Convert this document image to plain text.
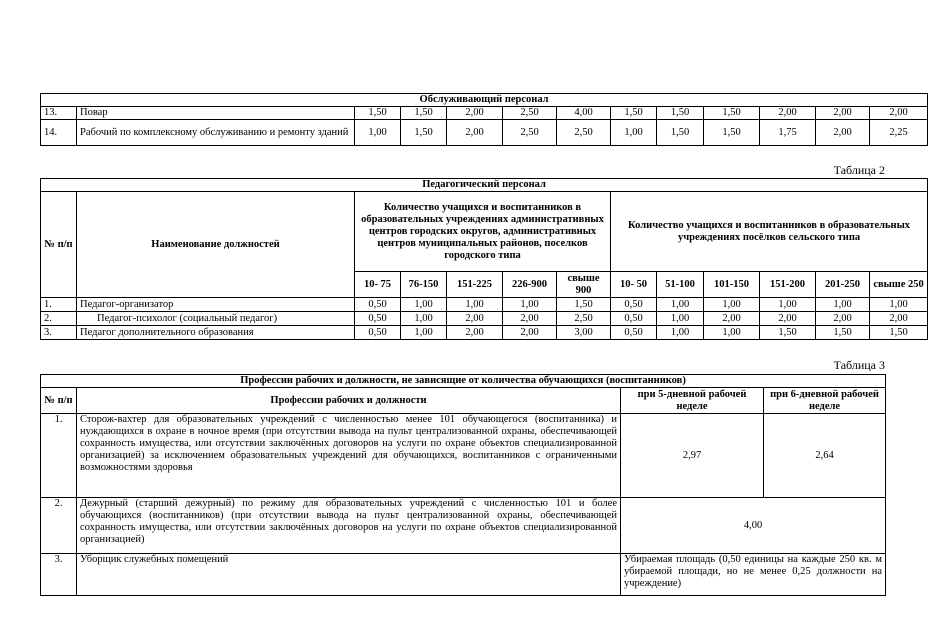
Обслуживающий персонал												
13.	Повар	1,50	1,50	2,00	2,50	4,00	1,50	1,50	1,50	2,00	2,00	2,00
14.	Рабочий по комплексному обслуживанию и ремонту зданий	1,00	1,50	2,00	2,50	2,50	1,00	1,50	1,50	1,75	2,00	2,25
Таблица 2
Педагогический персонал												
№ п/п	Наименование должностей	Количество учащихся и воспитанников в образовательных учреждениях административных центров городских округов, административных центров муниципальных районов, поселков городского типа					Количество учащихся и воспитанников в образовательных учреждениях посёлков сельского типа					
		10- 75	76-150	151-225	226-900	свыше 900	10- 50	51-100	101-150	151-200	201-250	свыше 250
1.	Педагог-организатор	0,50	1,00	1,00	1,00	1,50	0,50	1,00	1,00	1,00	1,00	1,00
2.	Педагог-психолог (социальный педагог)	0,50	1,00	2,00	2,00	2,50	0,50	1,00	2,00	2,00	2,00	2,00
3.	Педагог дополнительного образования	0,50	1,00	2,00	2,00	3,00	0,50	1,00	1,00	1,50	1,50	1,50
Таблица 3
Профессии рабочих и должности, не зависящие от количества обучающихся (воспитанников)			
№ п/п	Профессии рабочих и должности	при 5-дневной рабочей неделе	при 6-дневной рабочей неделе
1.	Сторож-вахтер для образовательных учреждений с численностью менее 101 обучающегося (воспитанника) и нуждающихся в охране в ночное время (при отсутствии вывода на пульт централизованной охраны, обеспечивающей сохранность имущества, или отсутствии заключённых договоров на услуги по охране объектов специализированной организацией) за исключением образовательных учреждений для обучающихся, воспитанников с ограниченными возможностями здоровья	2,97	2,64
2.	Дежурный (старший дежурный) по режиму для образовательных учреждений с численностью 101 и более обучающихся (воспитанников) (при отсутствии вывода на пульт централизованной охраны, обеспечивающей сохранность имущества, или отсутствии заключённых договоров на услуги по охране объектов специализированной организацией)	4,00	
3.	Уборщик служебных помещений	Убираемая площадь (0,50 единицы на каждые 250 кв. м убираемой площади, но не менее 0,25 должности на учреждение)	
